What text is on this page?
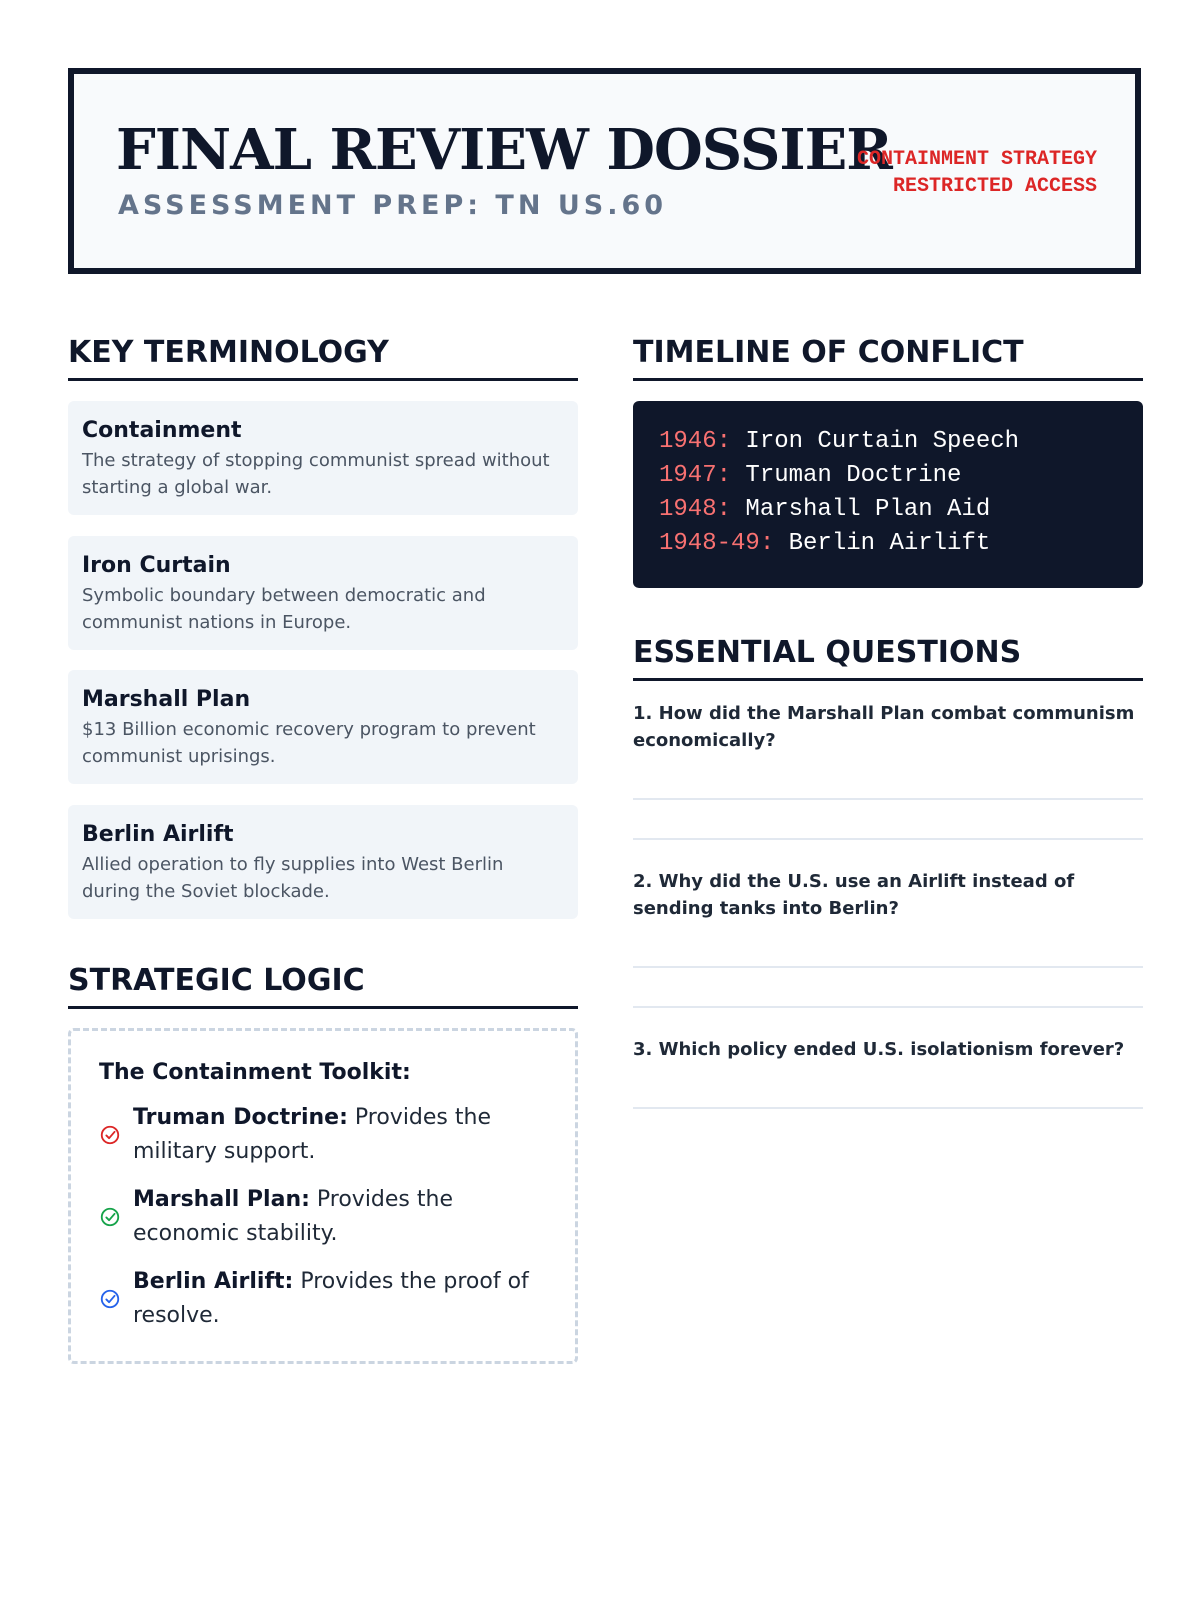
FINAL REVIEW DOSSIER
ASSESSMENT PREP: TN US.60
CONTAINMENT STRATEGY
RESTRICTED ACCESS
KEY TERMINOLOGY
Containment
The strategy of stopping communist spread without starting a global war.
Iron Curtain
Symbolic boundary between democratic and communist nations in Europe.
Marshall Plan
$13 Billion economic recovery program to prevent communist uprisings.
Berlin Airlift
Allied operation to fly supplies into West Berlin during the Soviet blockade.
STRATEGIC LOGIC
The Containment Toolkit:
Truman Doctrine: Provides the military support.
Marshall Plan: Provides the economic stability.
Berlin Airlift: Provides the proof of resolve.
TIMELINE OF CONFLICT
1946: Iron Curtain Speech
1947: Truman Doctrine
1948: Marshall Plan Aid
1948-49: Berlin Airlift
ESSENTIAL QUESTIONS
1. How did the Marshall Plan combat communism economically?
2. Why did the U.S. use an Airlift instead of sending tanks into Berlin?
3. Which policy ended U.S. isolationism forever?
